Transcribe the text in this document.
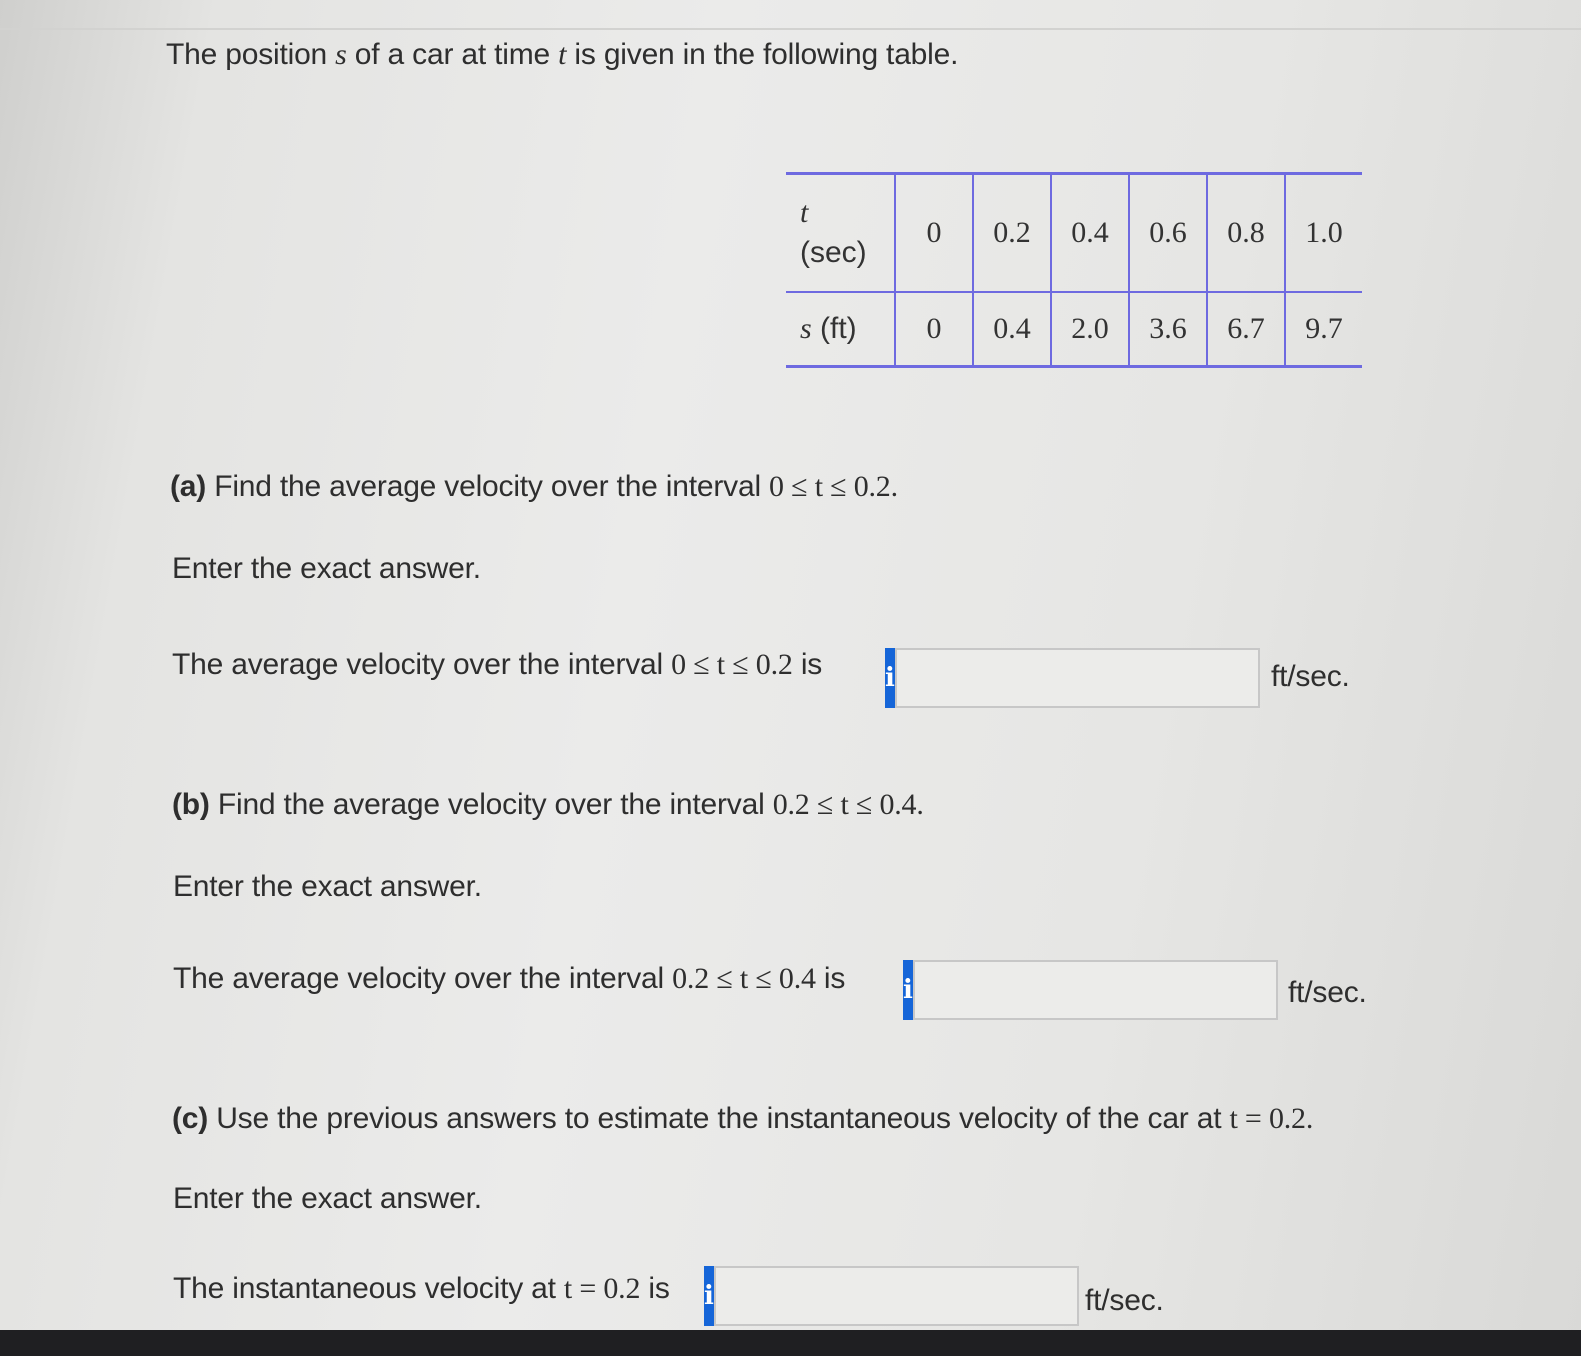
The position s of a car at time t is given in the following table.
t
(sec)	0	0.2	0.4	0.6	0.8	1.0
s (ft)	0	0.4	2.0	3.6	6.7	9.7
(a) Find the average velocity over the interval 0 ≤ t ≤ 0.2.
Enter the exact answer.
The average velocity over the interval 0 ≤ t ≤ 0.2 is i	ft/sec.
(b) Find the average velocity over the interval 0.2 ≤ t ≤ 0.4.
Enter the exact answer.
The average velocity over the interval 0.2 ≤ t ≤ 0.4 is i	ft/sec.
(c) Use the previous answers to estimate the instantaneous velocity of the car at t = 0.2.
Enter the exact answer.
The instantaneous velocity at t = 0.2 is i	ft/sec.
